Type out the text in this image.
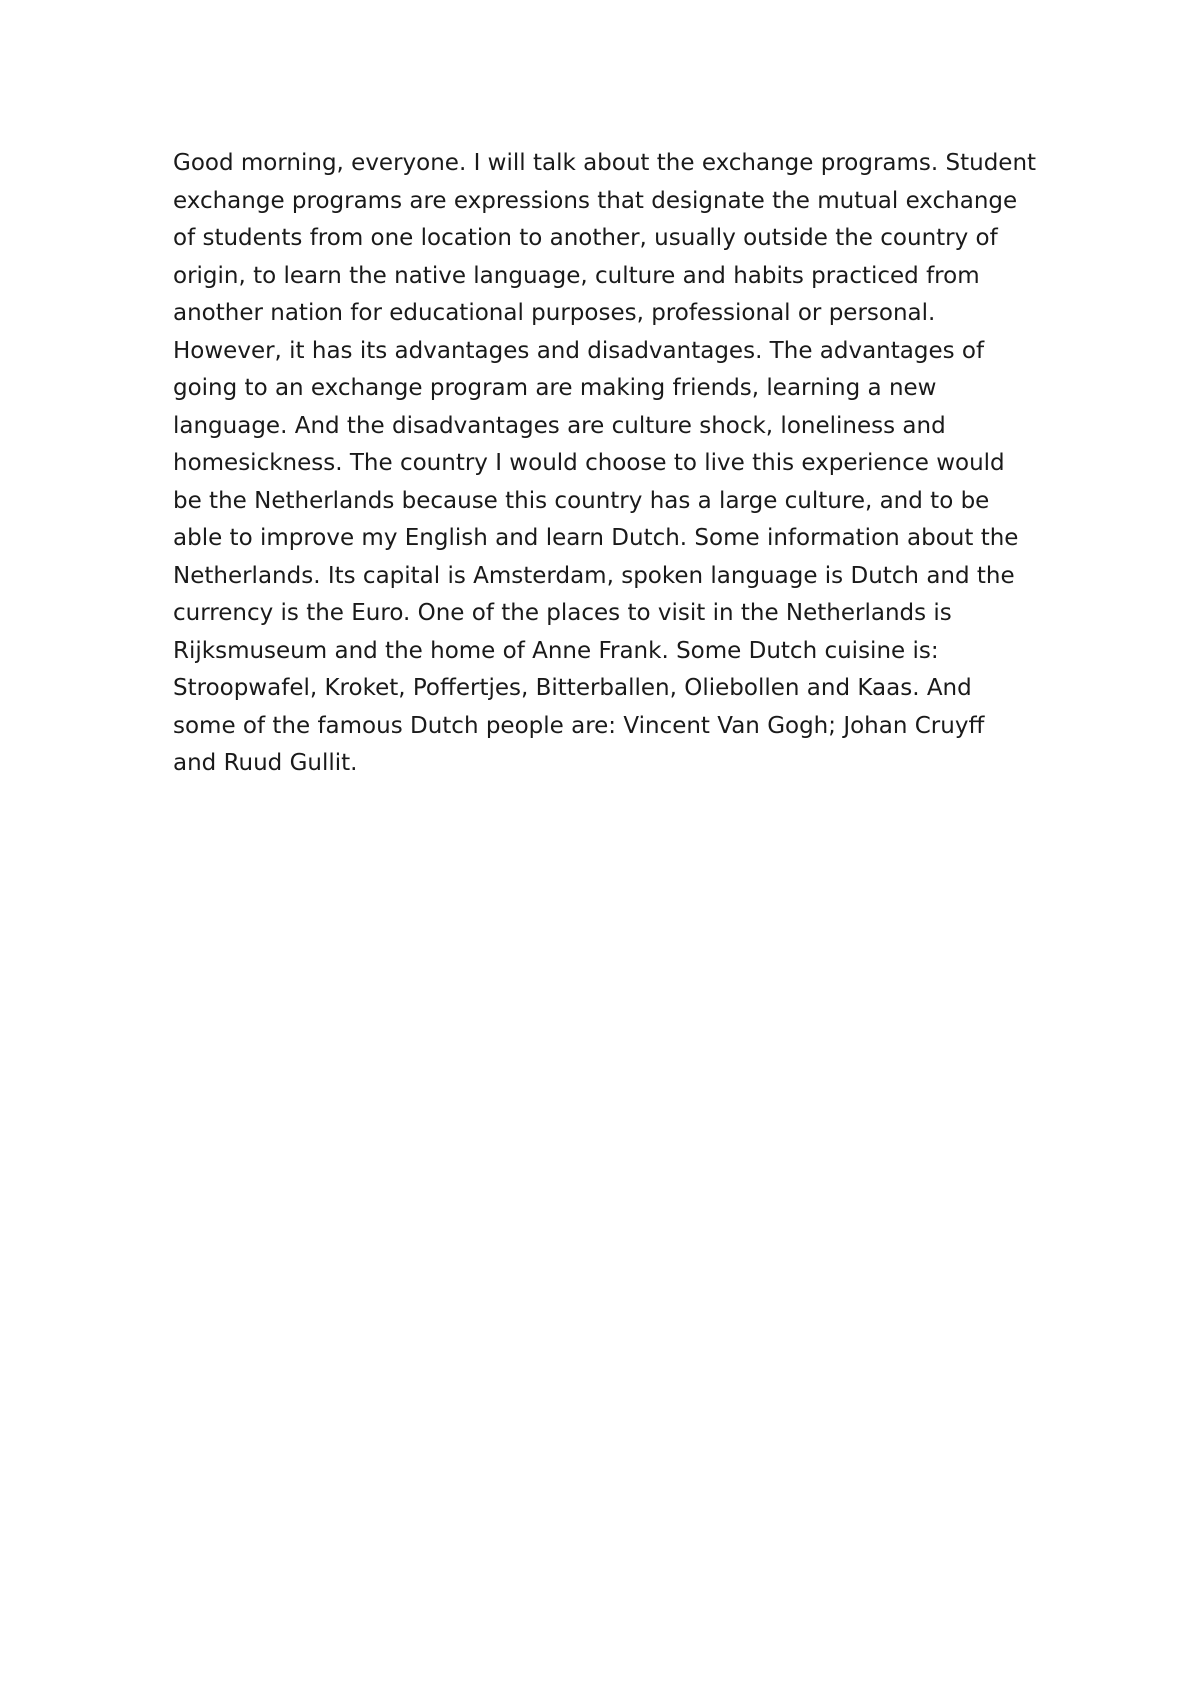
Good morning, everyone. I will talk about the exchange programs. Student
exchange programs are expressions that designate the mutual exchange
of students from one location to another, usually outside the country of
origin, to learn the native language, culture and habits practiced from
another nation for educational purposes, professional or personal.
However, it has its advantages and disadvantages. The advantages of
going to an exchange program are making friends, learning a new
language. And the disadvantages are culture shock, loneliness and
homesickness. The country I would choose to live this experience would
be the Netherlands because this country has a large culture, and to be
able to improve my English and learn Dutch. Some information about the
Netherlands. Its capital is Amsterdam, spoken language is Dutch and the
currency is the Euro. One of the places to visit in the Netherlands is
Rijksmuseum and the home of Anne Frank. Some Dutch cuisine is:
Stroopwafel, Kroket, Poffertjes, Bitterballen, Oliebollen and Kaas. And
some of the famous Dutch people are: Vincent Van Gogh; Johan Cruyff
and Ruud Gullit.
